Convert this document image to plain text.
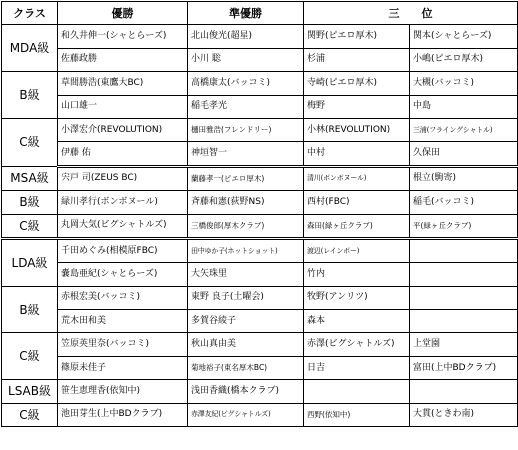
クラス	優勝	準優勝	三　　位	
MDA級	和久井伸一(シャとらーズ)	北山俊光(超星)	関野(ピエロ厚木)	関本(シャとらーズ)
	佐藤政勝	小川 聡	杉浦	小嶋(ピエロ厚木)
B級	草間勝浩(東鷹大BC)	高橋康太(バッコミ)	寺崎(ピエロ厚木)	大槻(バッコミ)
	山口雄一	稲毛孝光	梅野	中島
C級	小澤宏介(REVOLUTION)	樋田雅浩(フレンドリー)	小林(REVOLUTION)	三浦(フライングシャトル)
	伊藤 佑	神垣智一	中村	久保田
MSA級	宍戸 司(ZEUS BC)	蘭藤孝一(ピエロ厚木)	清川(ボンボヌール)	根立(駒寄)
B級	緑川孝行(ボンボヌール)	斉藤和憲(荻野NS)	西村(FBC)	稲毛(バッコミ)
C級	丸岡大気(ビグシャトルズ)	三橋俊郎(厚木クラブ)	森田(緑ヶ丘クラブ)	平(緑ヶ丘クラブ)
LDA級	千田めぐみ(相模原FBC)	田中ゆか子(ホットショット)	渡辺(レインボー)	
	嚢島亜紀(シャとらーズ)	大矢珠里	竹内	
B級	赤根宏美(バッコミ)	東野 良子(土曜会)	牧野(アンリツ)	
	荒木田和美	多賀谷綾子	森本	
C級	笠原英里奈(バッコミ)	秋山真由美	赤澤(ビグシャトルズ)	上堂園
	篠原未佳子	菊地裕子(東名厚木BC)	日吉	富田(上中BDクラブ)
LSAB級	笹生恵理香(依知中)	浅田香織(橋本クラブ)		
C級	池田芽生(上中BDクラブ)	赤澤友紀(ビグシャトルズ)	西野(依知中)	大貫(ときわ南)
